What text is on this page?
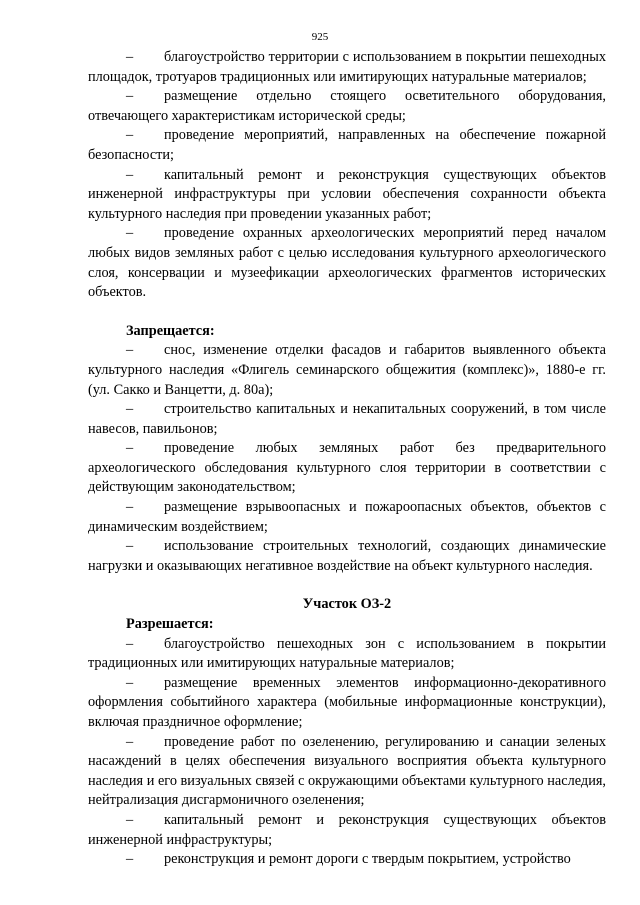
925

– благоустройство территории с использованием в покрытии пешеходных площадок, тротуаров традиционных или имитирующих натуральные материалов;

– размещение отдельно стоящего осветительного оборудования, отвечающего характеристикам исторической среды;

– проведение мероприятий, направленных на обеспечение пожарной безопасности;

– капитальный ремонт и реконструкция существующих объектов инженерной инфраструктуры при условии обеспечения сохранности объекта культурного наследия при проведении указанных работ;

– проведение охранных археологических мероприятий перед началом любых видов земляных работ с целью исследования культурного археологического слоя, консервации и музеефикации археологических фрагментов исторических объектов.

Запрещается:

– снос, изменение отделки фасадов и габаритов выявленного объекта культурного наследия «Флигель семинарского общежития (комплекс)», 1880-е гг. (ул. Сакко и Ванцетти, д. 80а);

– строительство капитальных и некапитальных сооружений, в том числе навесов, павильонов;

– проведение любых земляных работ без предварительного археологического обследования культурного слоя территории в соответствии с действующим законодательством;

– размещение взрывоопасных и пожароопасных объектов, объектов с динамическим воздействием;

– использование строительных технологий, создающих динамические нагрузки и оказывающих негативное воздействие на объект культурного наследия.

Участок ОЗ-2

Разрешается:

– благоустройство пешеходных зон с использованием в покрытии традиционных или имитирующих натуральные материалов;

– размещение временных элементов информационно-декоративного оформления событийного характера (мобильные информационные конструкции), включая праздничное оформление;

– проведение работ по озеленению, регулированию и санации зеленых насаждений в целях обеспечения визуального восприятия объекта культурного наследия и его визуальных связей с окружающими объектами культурного наследия, нейтрализация дисгармоничного озеленения;

– капитальный ремонт и реконструкция существующих объектов инженерной инфраструктуры;

– реконструкция и ремонт дороги с твердым покрытием, устройство
